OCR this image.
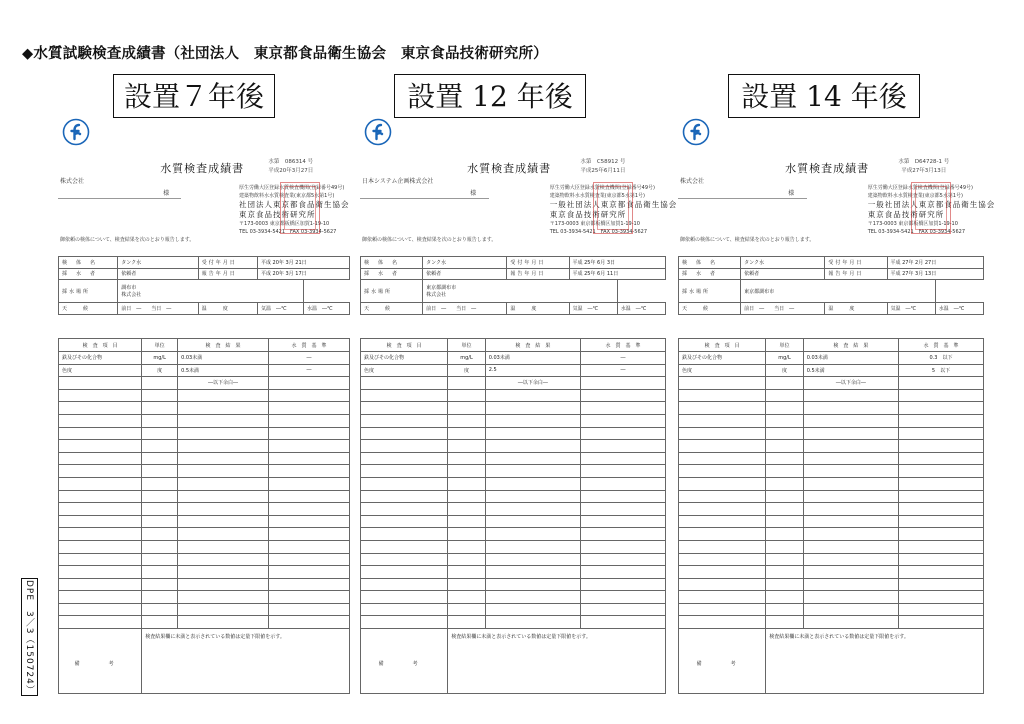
◆水質試験検査成績書（社団法人　東京都食品衛生協会　東京食品技術研究所）
設置７年後	設置 12 年後	設置 14 年後
水質検査成績書	水第　086314 号
平成20年3月27日
株式会社
様
厚生労働大臣登録水質検査機関(登録番号49号)
建築物飲料水水質検査業(東京都5水第1号)
社団法人東京都食品衛生協会
東京食品技術研究所
〒173-0003 東京都板橋区加賀1-19-10
TEL 03-3934-5421　FAX 03-3934-5627
御依頼の検体について、検査結果を次のとおり報告します。
検　体　名	タンク水	受付年月日	平成 20年 3月 21日	
採　水　者	依頼者	報告年月日	平成 20年 3月 17日	
採水場所	調布市
株式会社			
天　　候	前日　―　　 当日　―	温　　度	気温　―℃	水温　―℃
検　査　項　目	単位	検　査　結　果	水　質　基　準
鉄及びその化合物	mg/L	0.03未満	―
色度	度	0.5未満	―
		―以下余白―	

備　考	検査結果欄に未満と表示されている数値は定量下限値を示す。		
水質検査成績書	水第　C58912 号
平成25年6月11日
日本システム企画株式会社
様
厚生労働大臣登録水質検査機関(登録番号49号)
建築物飲料水水質検査業(東京都5水第1号)
一般社団法人東京都食品衛生協会
東京食品技術研究所
〒173-0003 東京都板橋区加賀1-19-10
TEL 03-3934-5421　FAX 03-3934-5627
御依頼の検体について、検査結果を次のとおり報告します。
検　体　名	タンク水	受付年月日	平成 25年 6月 3日	
採　水　者	依頼者	報告年月日	平成 25年 6月 11日	
採水場所	東京都調布市
株式会社			
天　　候	前日　―　　 当日　―	温　　度	気温　―℃	水温　―℃
検　査　項　目	単位	検　査　結　果	水　質　基　準
鉄及びその化合物	mg/L	0.03未満	―
色度	度	2.5	―
		―以下余白―	

備　考	検査結果欄に未満と表示されている数値は定量下限値を示す。		
水質検査成績書	水第　D64728-1 号
平成27年3月13日
株式会社
様
厚生労働大臣登録水質検査機関(登録番号49号)
建築物飲料水水質検査業(東京都5水第1号)
一般社団法人東京都食品衛生協会
東京食品技術研究所
〒173-0003 東京都板橋区加賀1-19-10
TEL 03-3934-5421　FAX 03-3934-5627
御依頼の検体について、検査結果を次のとおり報告します。
検　体　名	タンク水	受付年月日	平成 27年 2月 27日	
採　水　者	依頼者	報告年月日	平成 27年 3月 13日	
採水場所	東京都調布市			

天　　候	前日　―　　 当日　―	温　　度	気温　―℃	水温　―℃
検　査　項　目	単位	検　査　結　果	水　質　基　準
鉄及びその化合物	mg/L	0.03未満	0.3　以下
色度	度	0.5未満	5　以下
		―以下余白―	

備　考	検査結果欄に未満と表示されている数値は定量下限値を示す。		
DPE　3／3（150724）
